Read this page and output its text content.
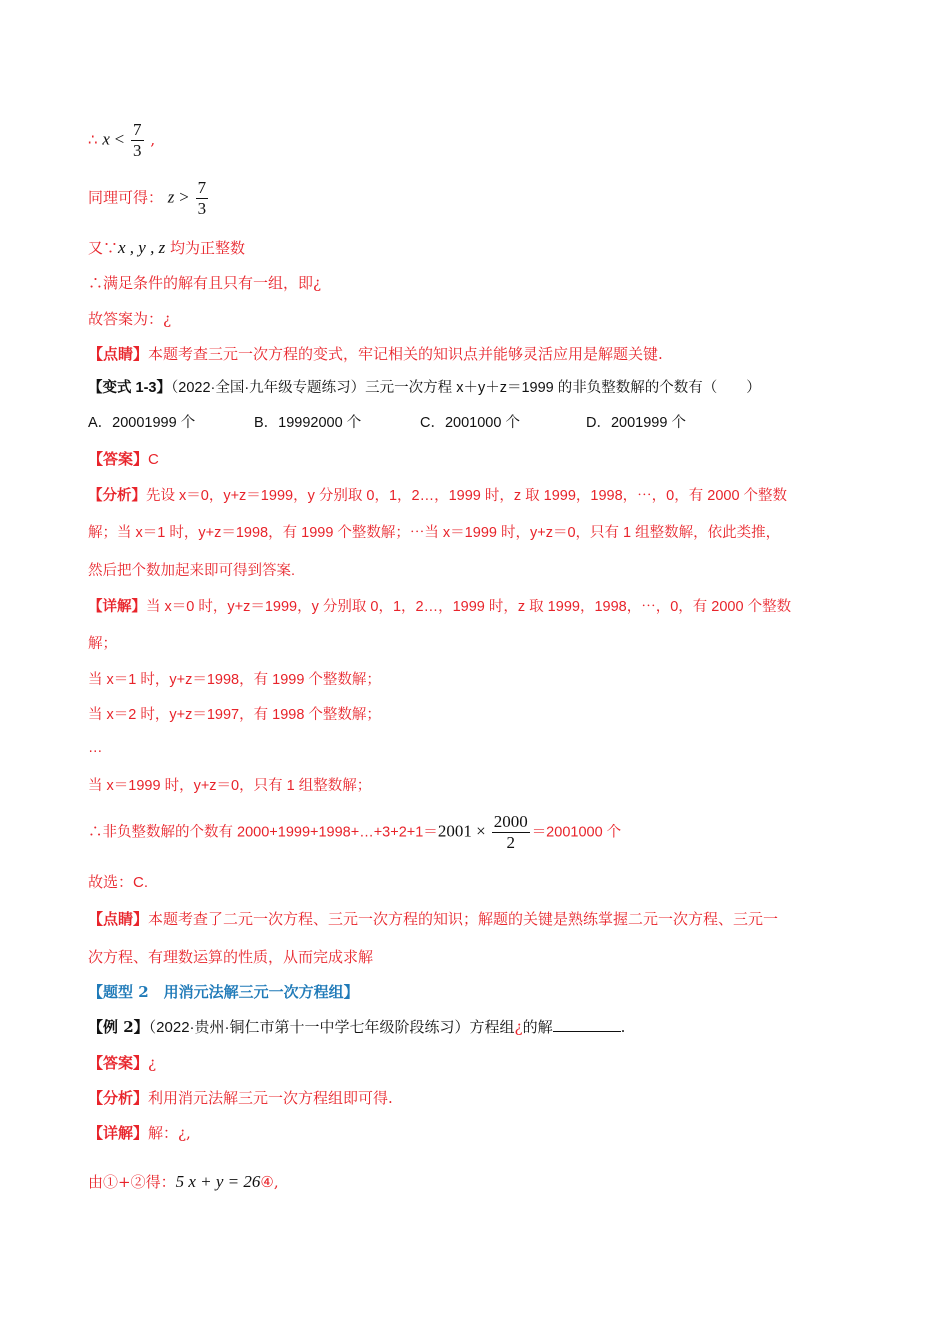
∴ $x < \frac{7}{3}$ ,
同理可得： $z > \frac{7}{3}$
又∵x , y , z 均为正整数
∴满足条件的解有且只有一组，即¿
故答案为：¿
【点睛】本题考查三元一次方程的变式，牢记相关的知识点并能够灵活应用是解题关键.
【变式 1-3】（2022·全国·九年级专题练习）三元一次方程 x＋y＋z＝1999 的非负整数解的个数有（　　）
A．20001999 个	B．19992000 个	C．2001000 个	D．2001999 个
【答案】C
【分析】先设 x＝0，y+z＝1999，y 分别取 0，1，2…，1999 时，z 取 1999，1998，⋯，0，有 2000 个整数
解；当 x＝1 时，y+z＝1998，有 1999 个整数解；⋯当 x＝1999 时，y+z＝0，只有 1 组整数解，依此类推，
然后把个数加起来即可得到答案.
【详解】当 x＝0 时，y+z＝1999，y 分别取 0，1，2…，1999 时，z 取 1999，1998，⋯，0，有 2000 个整数
解；
当 x＝1 时，y+z＝1998，有 1999 个整数解；
当 x＝2 时，y+z＝1997，有 1998 个整数解；
…
当 x＝1999 时，y+z＝0，只有 1 组整数解；
∴非负整数解的个数有 2000+1999+1998+…+3+2+1＝2001 × $\frac{2000}{2} =2001000$ 个
故选：C.
【点睛】本题考查了二元一次方程、三元一次方程的知识；解题的关键是熟练掌握二元一次方程、三元一
次方程、有理数运算的性质，从而完成求解
【题型 2　用消元法解三元一次方程组】
【例 2】（2022·贵州·铜仁市第十一中学七年级阶段练习）方程组¿的解	.
【答案】¿
【分析】利用消元法解三元一次方程组即可得.
【详解】解：¿,
由①+②得：5 x + y = 26④,
